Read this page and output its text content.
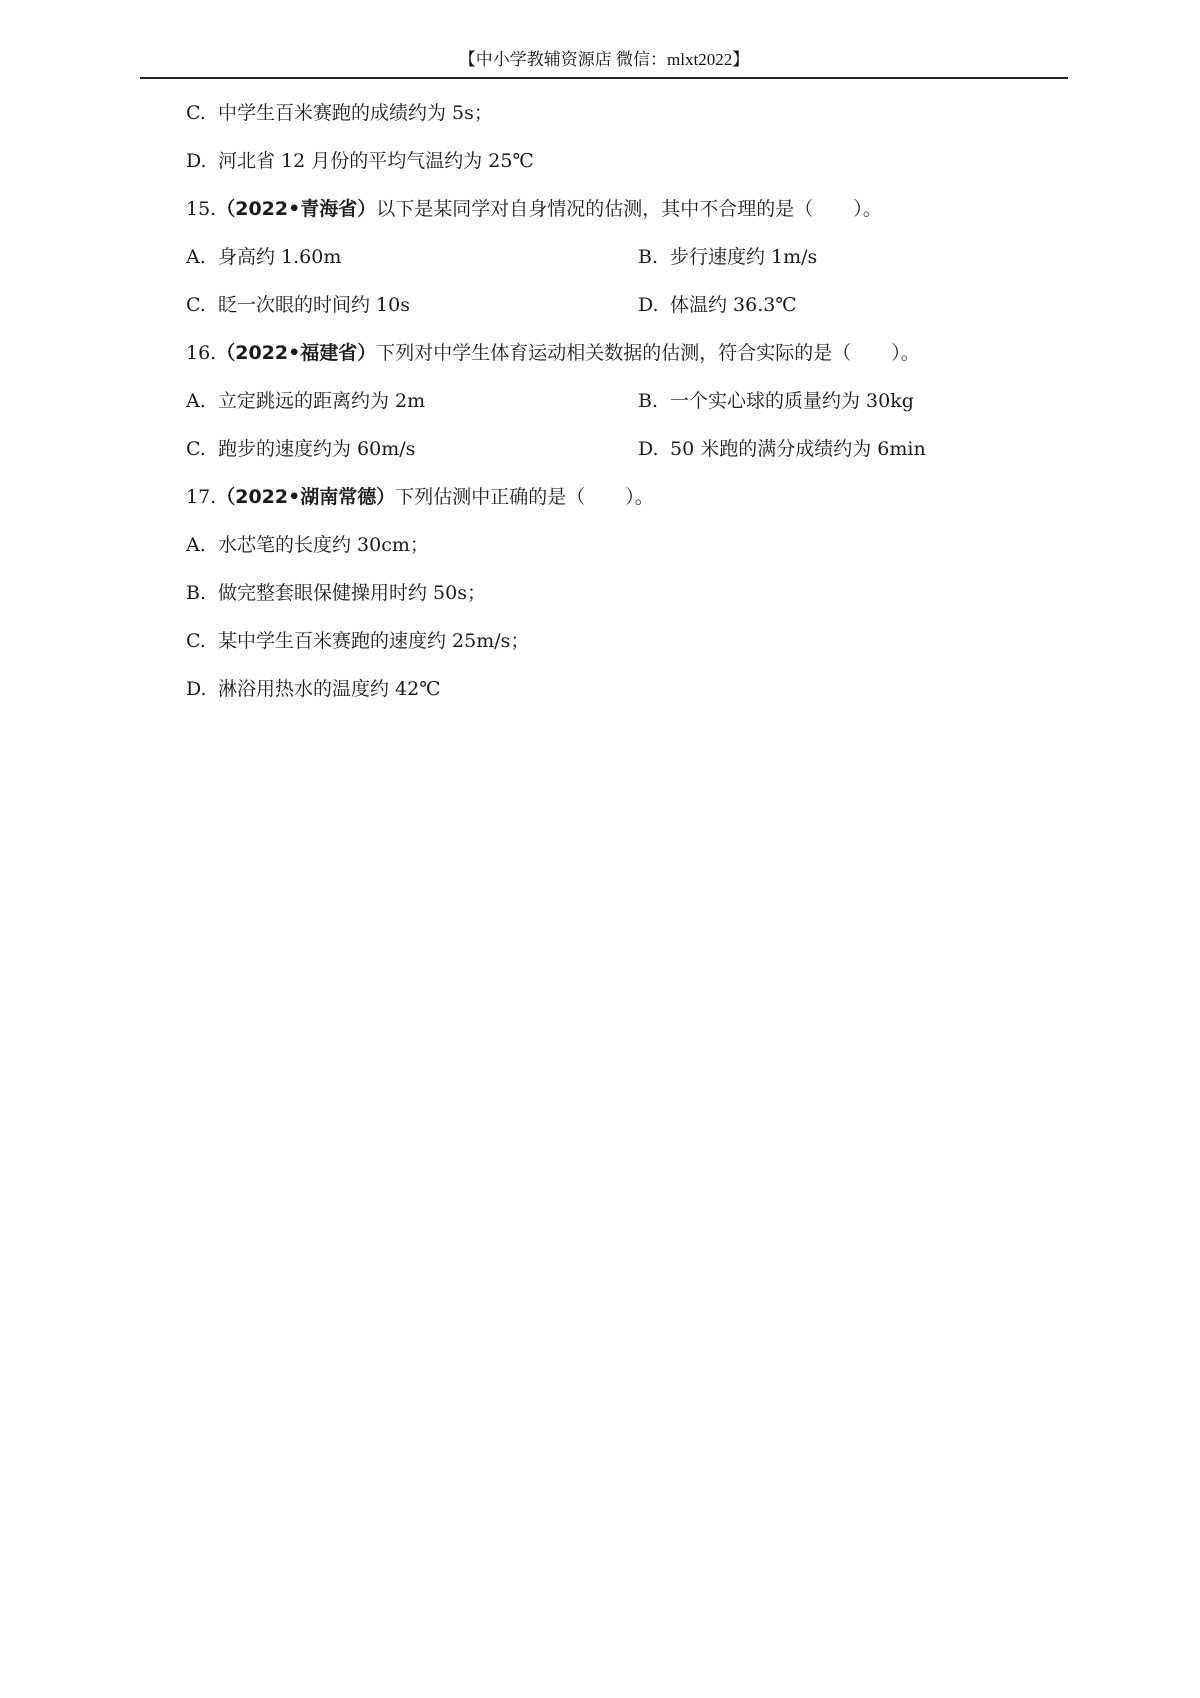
【中小学教辅资源店 微信：mlxt2022】
C. 中学生百米赛跑的成绩约为 5s；
D. 河北省 12 月份的平均气温约为 25℃
15.（2022•青海省）以下是某同学对自身情况的估测，其中不合理的是（ ）。
A. 身高约 1.60m	B. 步行速度约 1m/s
C. 眨一次眼的时间约 10s	D. 体温约 36.3℃
16.（2022•福建省）下列对中学生体育运动相关数据的估测，符合实际的是（ ）。
A. 立定跳远的距离约为 2m	B. 一个实心球的质量约为 30kg
C. 跑步的速度约为 60m/s	D. 50 米跑的满分成绩约为 6min
17.（2022•湖南常德）下列估测中正确的是（ ）。
A. 水芯笔的长度约 30cm；
B. 做完整套眼保健操用时约 50s；
C. 某中学生百米赛跑的速度约 25m/s；
D. 淋浴用热水的温度约 42℃
